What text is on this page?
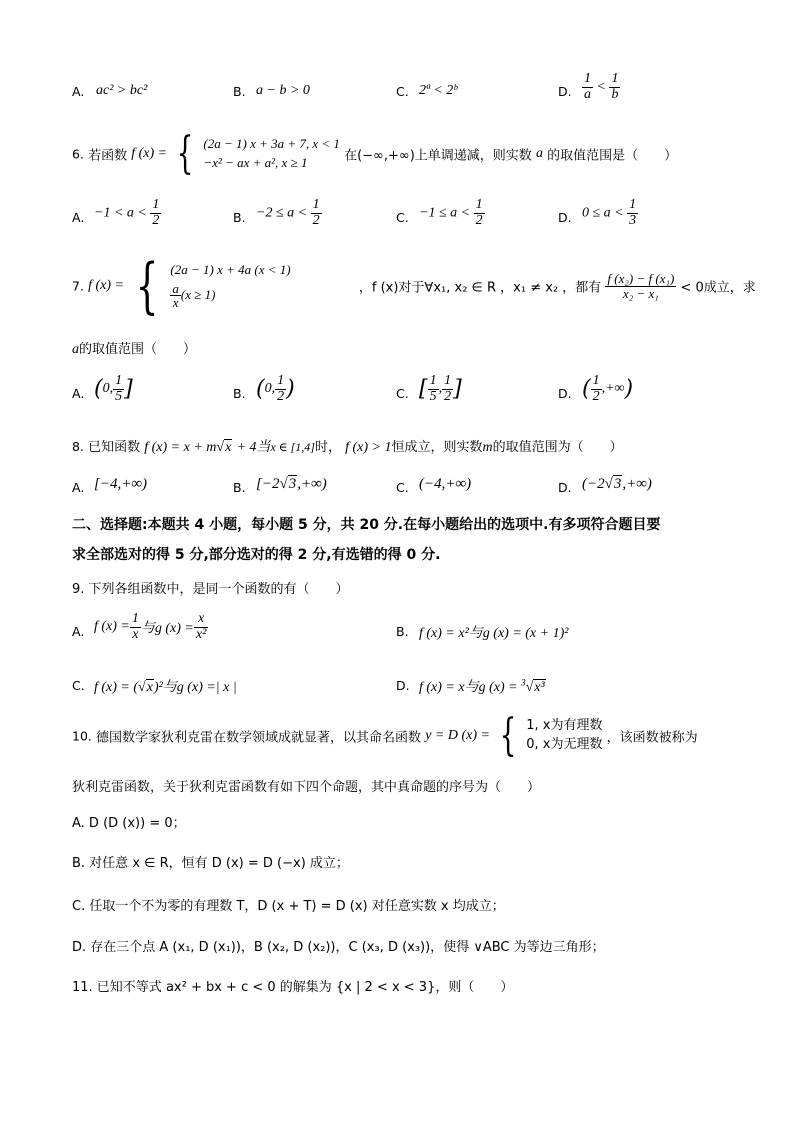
A. ac² > bc²	B. a − b > 0	C. 2ª < 2ᵇ	D. $\frac{1}{a} < \frac{1}{b}$
6. 若函数 f (x) = { (2a − 1) x + 3a + 7, x < 1
−x² − ax + a², x ≥ 1	在(−∞,+∞)上单调递减，则实数 a 的取值范围是（　　）
A. $-1 < a < \frac{1}{2}$	B. $-2 \le a < \frac{1}{2}$	C. $-1 \le a < \frac{1}{2}$	D. $0 \le a < \frac{1}{3}$
7. f (x) = { (2a − 1) x + 4a (x < 1)
$\frac{a}{x} (x \ge 1)$	，f (x)对于∀x₁, x₂ ∈ R ，x₁ ≠ x₂ ，都有 $\frac{\text{f (x₂) − f (x₁)}}{\text{x₂ − x₁}} < 0$成立，求
a的取值范围（　　）
A. (0, $\frac{1}{5}$ ]	B. (0, $\frac{1}{2}$ )	C. [ $\frac{1}{5}$ , $\frac{1}{2}$ ]	D. ( $\frac{1}{2}$ ,+∞)
8. 已知函数 f (x) = x + m√x + 4当x ∈ [1,4]时， f (x) > 1恒成立，则实数m的取值范围为（　　）
A. [−4,+∞)	B. [−2√3,+∞)	C. (−4,+∞)	D. (−2√3,+∞)
二、选择题:本题共 4 小题，每小题 5 分，共 20 分.在每小题给出的选项中.有多项符合题目要
求全部选对的得 5 分,部分选对的得 2 分,有选错的得 0 分.
9. 下列各组函数中，是同一个函数的有（　　）
A. f $(x) = \frac{1}{x}$ 与g $(x) = \frac{x}{\text{x²}}$	B. f (x) = x²与g (x) = (x + 1)²
C. f (x) = (√x)²与g (x) =| x |	D. f (x) = x与g (x) = $^3$√x³
10. 德国数学家狄利克雷在数学领域成就显著，以其命名函数 y = D (x) = { 1, x为有理数
0, x为无理数 ，该函数被称为
狄利克雷函数，关于狄利克雷函数有如下四个命题，其中真命题的序号为（　　）
A. D (D (x)) = 0；
B. 对任意 x ∈ R，恒有 D (x) = D (−x) 成立；
C. 任取一个不为零的有理数 T，D (x + T) = D (x) 对任意实数 x 均成立；
D. 存在三个点 A (x₁, D (x₁))，B (x₂, D (x₂))，C (x₃, D (x₃))，使得 ∨ABC 为等边三角形；
11. 已知不等式 ax² + bx + c < 0 的解集为 {x | 2 < x < 3}，则（　　）
